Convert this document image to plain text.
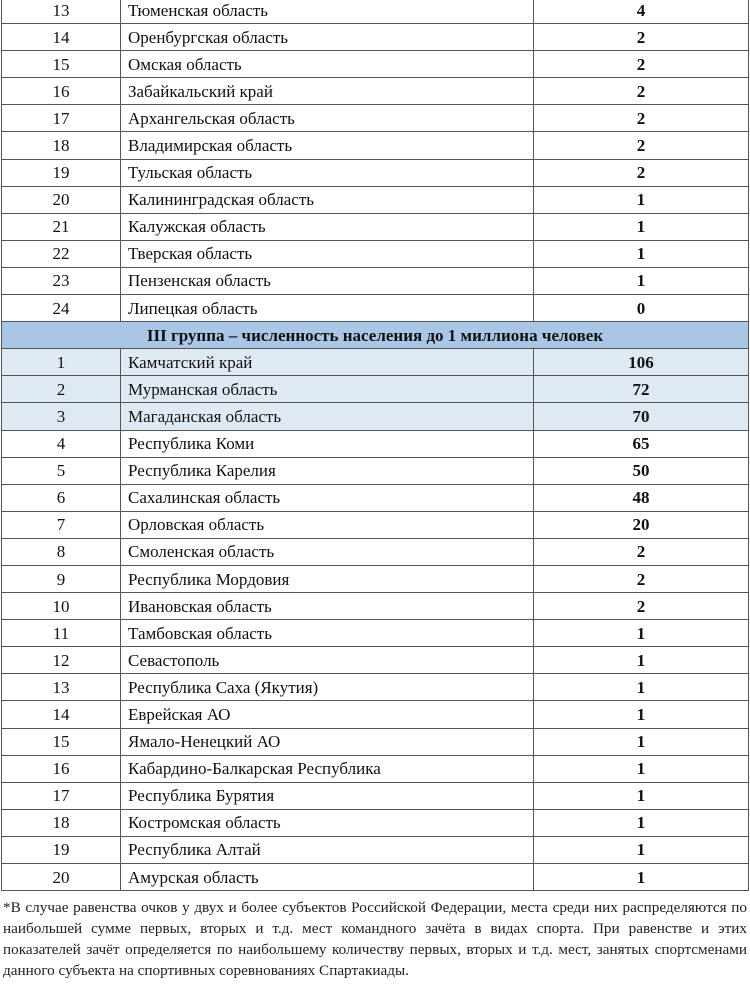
13	Тюменская область	4
14	Оренбургская область	2
15	Омская область	2
16	Забайкальский край	2
17	Архангельская область	2
18	Владимирская область	2
19	Тульская область	2
20	Калининградская область	1
21	Калужская область	1
22	Тверская область	1
23	Пензенская область	1
24	Липецкая область	0
III группа – численность населения до 1 миллиона человек		
1	Камчатский край	106
2	Мурманская область	72
3	Магаданская область	70
4	Республика Коми	65
5	Республика Карелия	50
6	Сахалинская область	48
7	Орловская область	20
8	Смоленская область	2
9	Республика Мордовия	2
10	Ивановская область	2
11	Тамбовская область	1
12	Севастополь	1
13	Республика Саха (Якутия)	1
14	Еврейская АО	1
15	Ямало-Ненецкий АО	1
16	Кабардино-Балкарская Республика	1
17	Республика Бурятия	1
18	Костромская область	1
19	Республика Алтай	1
20	Амурская область	1

*В случае равенства очков у двух и более субъектов Российской Федерации, места среди них распределяются по наибольшей сумме первых, вторых и т.д. мест командного зачёта в видах спорта. При равенстве и этих показателей зачёт определяется по наибольшему количеству первых, вторых и т.д. мест, занятых спортсменами данного субъекта на спортивных соревнованиях Спартакиады.
